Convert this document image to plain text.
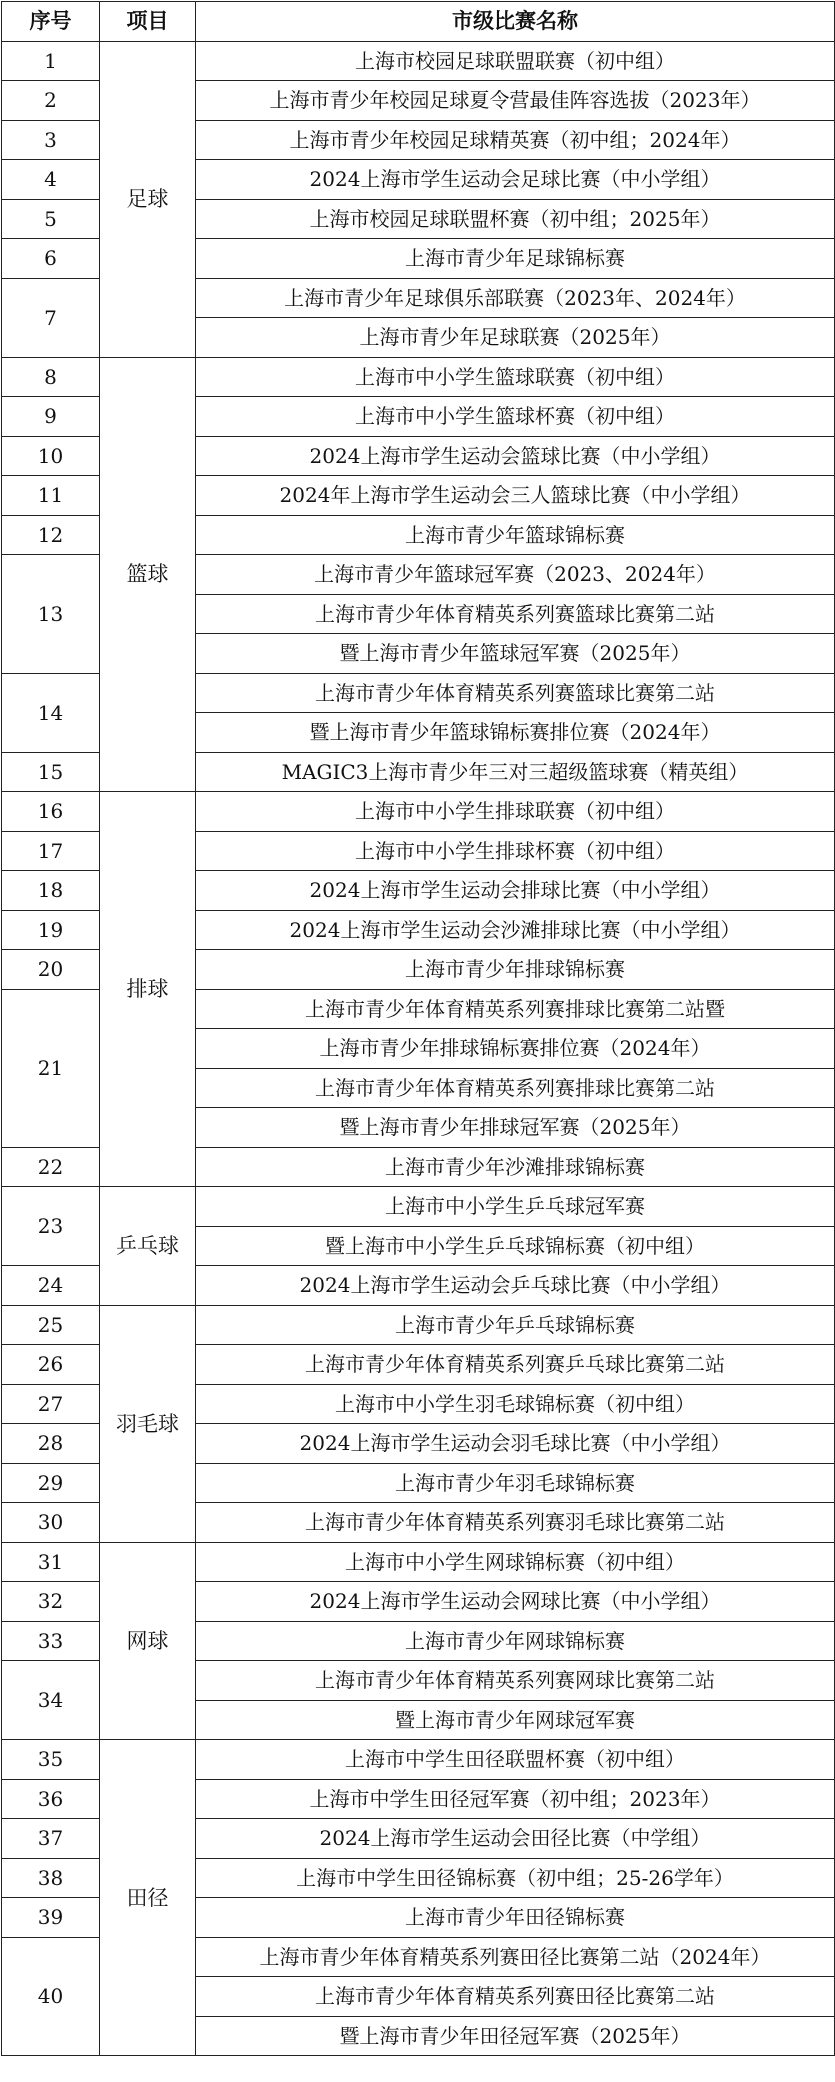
序号	项目	市级比赛名称
1	足球	上海市校园足球联盟联赛（初中组）
2		上海市青少年校园足球夏令营最佳阵容选拔（2023年）
3		上海市青少年校园足球精英赛（初中组；2024年）
4		2024上海市学生运动会足球比赛（中小学组）
5		上海市校园足球联盟杯赛（初中组；2025年）
6		上海市青少年足球锦标赛
7		上海市青少年足球俱乐部联赛（2023年、2024年）
		上海市青少年足球联赛（2025年）
8	篮球	上海市中小学生篮球联赛（初中组）
9		上海市中小学生篮球杯赛（初中组）
10		2024上海市学生运动会篮球比赛（中小学组）
11		2024年上海市学生运动会三人篮球比赛（中小学组）
12		上海市青少年篮球锦标赛
13		上海市青少年篮球冠军赛（2023、2024年）
		上海市青少年体育精英系列赛篮球比赛第二站
		暨上海市青少年篮球冠军赛（2025年）
14		上海市青少年体育精英系列赛篮球比赛第二站
		暨上海市青少年篮球锦标赛排位赛（2024年）
15		MAGIC3上海市青少年三对三超级篮球赛（精英组）
16	排球	上海市中小学生排球联赛（初中组）
17		上海市中小学生排球杯赛（初中组）
18		2024上海市学生运动会排球比赛（中小学组）
19		2024上海市学生运动会沙滩排球比赛（中小学组）
20		上海市青少年排球锦标赛
21		上海市青少年体育精英系列赛排球比赛第二站暨
		上海市青少年排球锦标赛排位赛（2024年）
		上海市青少年体育精英系列赛排球比赛第二站
		暨上海市青少年排球冠军赛（2025年）
22		上海市青少年沙滩排球锦标赛
23	乒乓球	上海市中小学生乒乓球冠军赛
		暨上海市中小学生乒乓球锦标赛（初中组）
24		2024上海市学生运动会乒乓球比赛（中小学组）
25	羽毛球	上海市青少年乒乓球锦标赛
26		上海市青少年体育精英系列赛乒乓球比赛第二站
27		上海市中小学生羽毛球锦标赛（初中组）
28		2024上海市学生运动会羽毛球比赛（中小学组）
29		上海市青少年羽毛球锦标赛
30		上海市青少年体育精英系列赛羽毛球比赛第二站
31	网球	上海市中小学生网球锦标赛（初中组）
32		2024上海市学生运动会网球比赛（中小学组）
33		上海市青少年网球锦标赛
34		上海市青少年体育精英系列赛网球比赛第二站
		暨上海市青少年网球冠军赛
35	田径	上海市中学生田径联盟杯赛（初中组）
36		上海市中学生田径冠军赛（初中组；2023年）
37		2024上海市学生运动会田径比赛（中学组）
38		上海市中学生田径锦标赛（初中组；25-26学年）
39		上海市青少年田径锦标赛
40		上海市青少年体育精英系列赛田径比赛第二站（2024年）
		上海市青少年体育精英系列赛田径比赛第二站
		暨上海市青少年田径冠军赛（2025年）
